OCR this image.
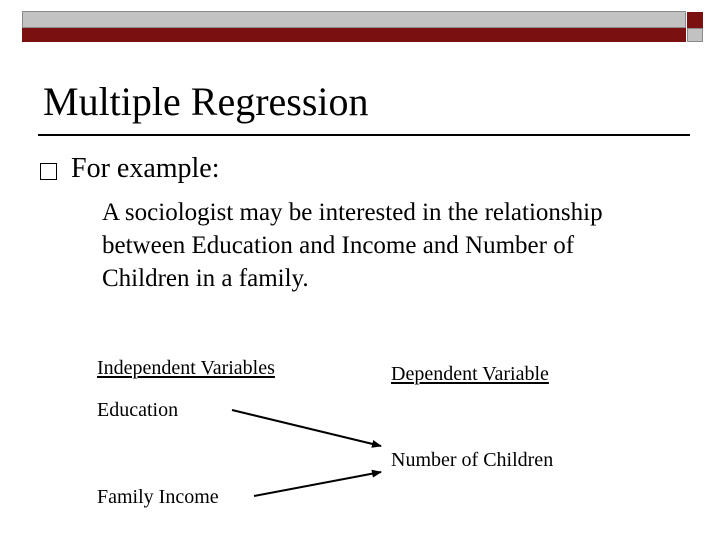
Multiple Regression
For example:

A sociologist may be interested in the relationship

between Education and Income and Number of

Children in a family.

Independent Variables	Dependent Variable
Education
Number of Children
Family Income
